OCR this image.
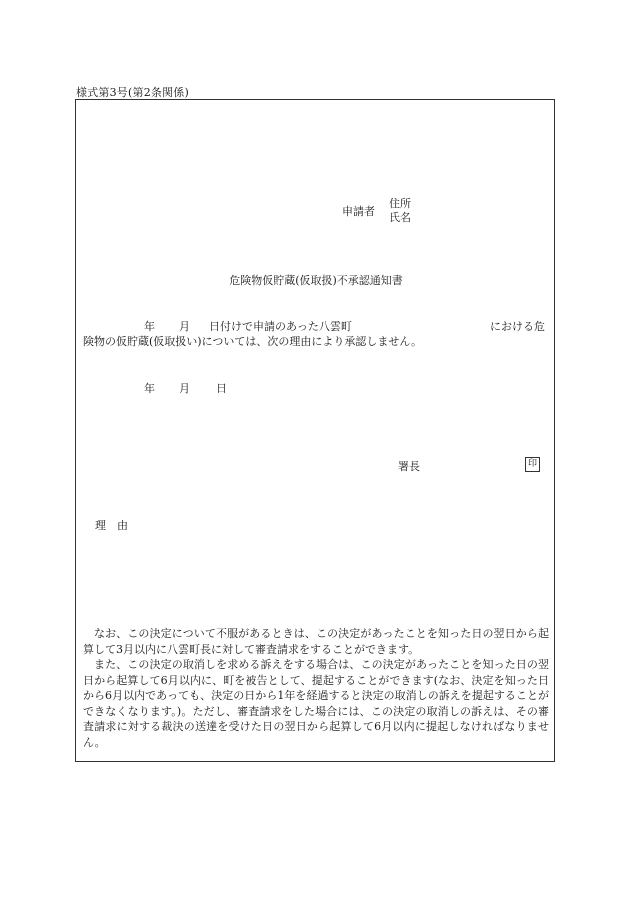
様式第3号(第2条関係)
申請者
住所
氏名
危険物仮貯蔵(仮取扱)不承認通知書
年 月 日付けで申請のあった八雲町	における危
険物の仮貯蔵(仮取扱い)については、次の理由により承認しません。
年 月 日
署長	印
理　由

なお、この決定について不服があるときは、この決定があったことを知った日の翌日から起算して3月以内に八雲町長に対して審査請求をすることができます。

また、この決定の取消しを求める訴えをする場合は、この決定があったことを知った日の翌日から起算して6月以内に、町を被告として、提起することができます(なお、決定を知った日から6月以内であっても、決定の日から1年を経過すると決定の取消しの訴えを提起することができなくなります。)。ただし、審査請求をした場合には、この決定の取消しの訴えは、その審査請求に対する裁決の送達を受けた日の翌日から起算して6月以内に提起しなければなりません。
